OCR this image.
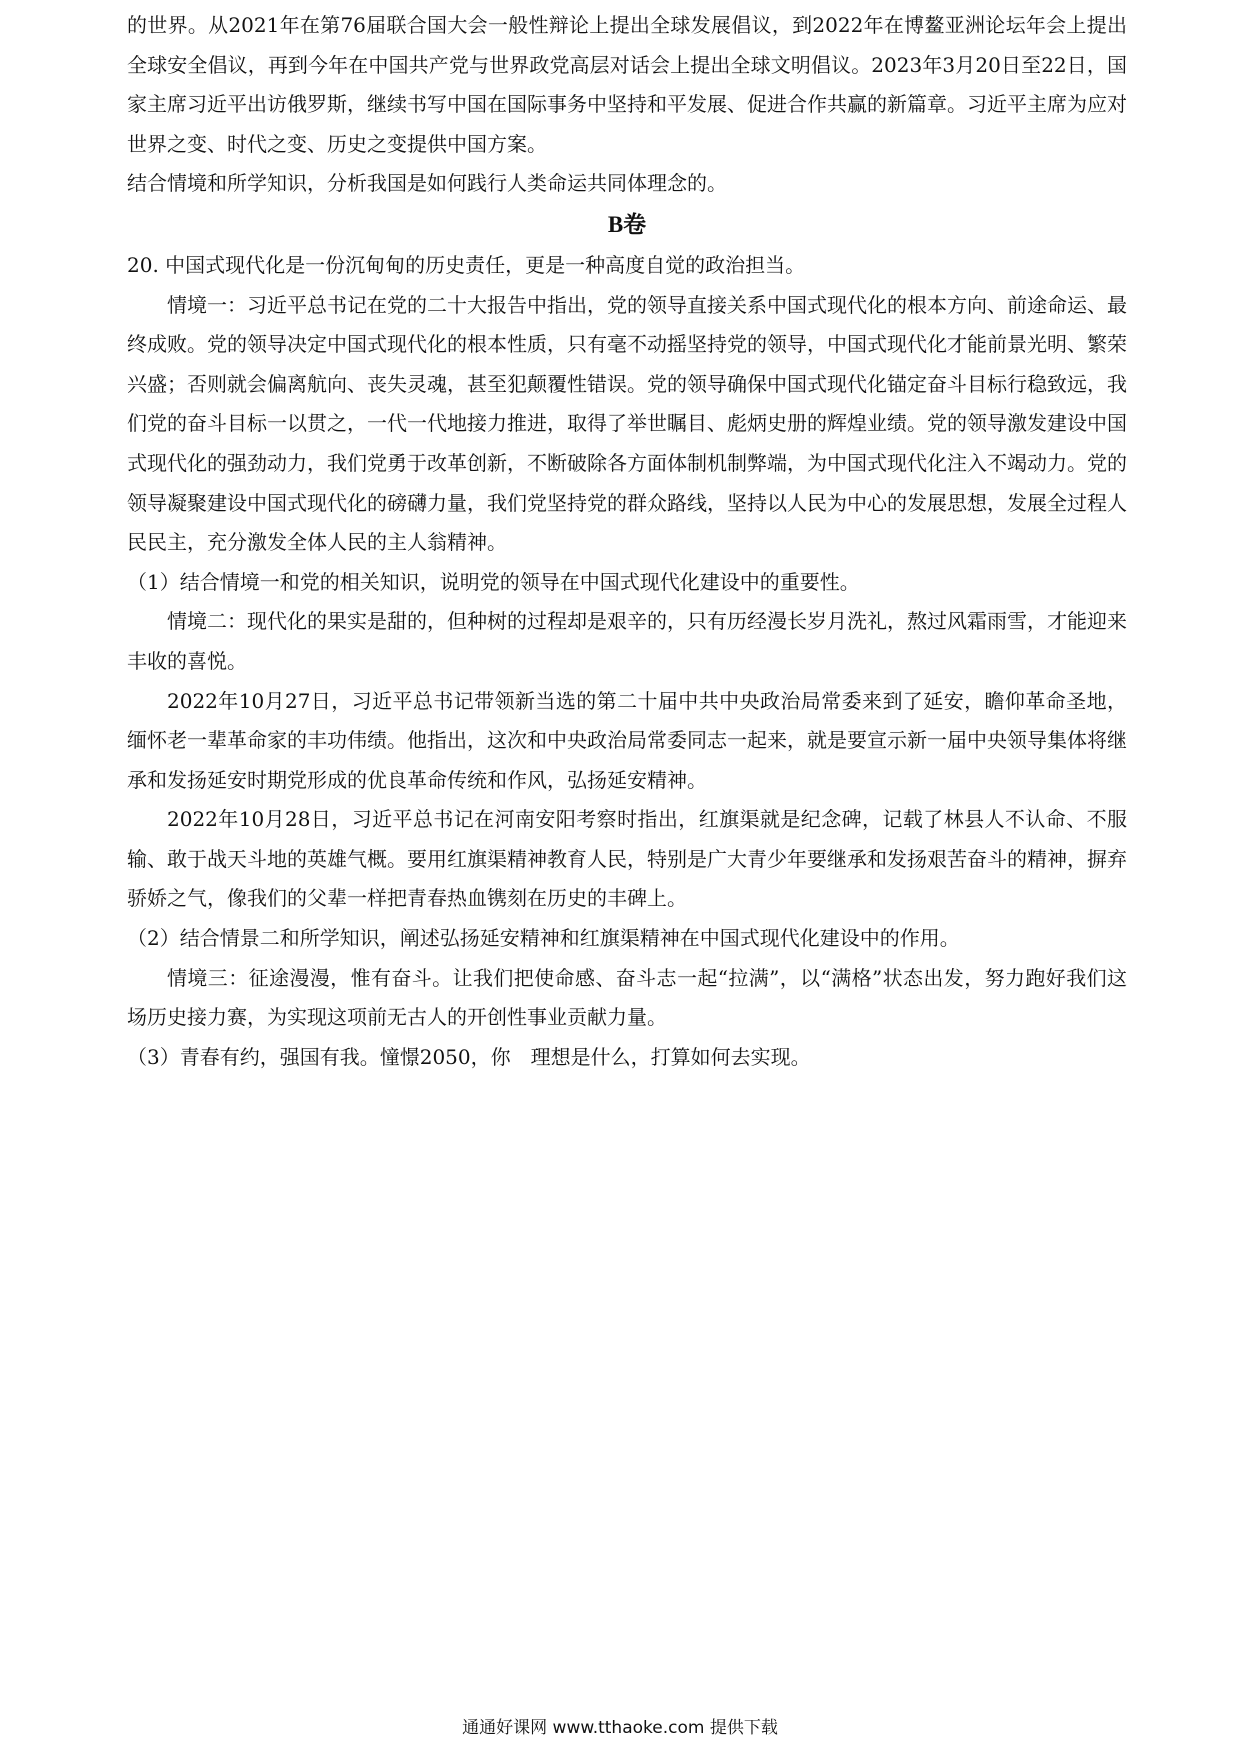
的世界。从2021年在第76届联合国大会一般性辩论上提出全球发展倡议，到2022年在博鳌亚洲论坛年会上提出全球安全倡议，再到今年在中国共产党与世界政党高层对话会上提出全球文明倡议。2023年3月20日至22日，国家主席习近平出访俄罗斯，继续书写中国在国际事务中坚持和平发展、促进合作共赢的新篇章。习近平主席为应对世界之变、时代之变、历史之变提供中国方案。

结合情境和所学知识，分析我国是如何践行人类命运共同体理念的。

B卷

20. 中国式现代化是一份沉甸甸的历史责任，更是一种高度自觉的政治担当。

情境一：习近平总书记在党的二十大报告中指出，党的领导直接关系中国式现代化的根本方向、前途命运、最终成败。党的领导决定中国式现代化的根本性质，只有毫不动摇坚持党的领导，中国式现代化才能前景光明、繁荣兴盛；否则就会偏离航向、丧失灵魂，甚至犯颠覆性错误。党的领导确保中国式现代化锚定奋斗目标行稳致远，我们党的奋斗目标一以贯之，一代一代地接力推进，取得了举世瞩目、彪炳史册的辉煌业绩。党的领导激发建设中国式现代化的强劲动力，我们党勇于改革创新，不断破除各方面体制机制弊端，为中国式现代化注入不竭动力。党的领导凝聚建设中国式现代化的磅礴力量，我们党坚持党的群众路线，坚持以人民为中心的发展思想，发展全过程人民民主，充分激发全体人民的主人翁精神。

（1）结合情境一和党的相关知识，说明党的领导在中国式现代化建设中的重要性。

情境二：现代化的果实是甜的，但种树的过程却是艰辛的，只有历经漫长岁月洗礼，熬过风霜雨雪，才能迎来丰收的喜悦。

2022年10月27日，习近平总书记带领新当选的第二十届中共中央政治局常委来到了延安，瞻仰革命圣地，缅怀老一辈革命家的丰功伟绩。他指出，这次和中央政治局常委同志一起来，就是要宣示新一届中央领导集体将继承和发扬延安时期党形成的优良革命传统和作风，弘扬延安精神。

2022年10月28日，习近平总书记在河南安阳考察时指出，红旗渠就是纪念碑，记载了林县人不认命、不服输、敢于战天斗地的英雄气概。要用红旗渠精神教育人民，特别是广大青少年要继承和发扬艰苦奋斗的精神，摒弃骄娇之气，像我们的父辈一样把青春热血镌刻在历史的丰碑上。

（2）结合情景二和所学知识，阐述弘扬延安精神和红旗渠精神在中国式现代化建设中的作用。

情境三：征途漫漫，惟有奋斗。让我们把使命感、奋斗志一起“拉满”，以“满格”状态出发，努力跑好我们这场历史接力赛，为实现这项前无古人的开创性事业贡献力量。

（3）青春有约，强国有我。憧憬2050，你　理想是什么，打算如何去实现。

通通好课网 www.tthaoke.com 提供下载
